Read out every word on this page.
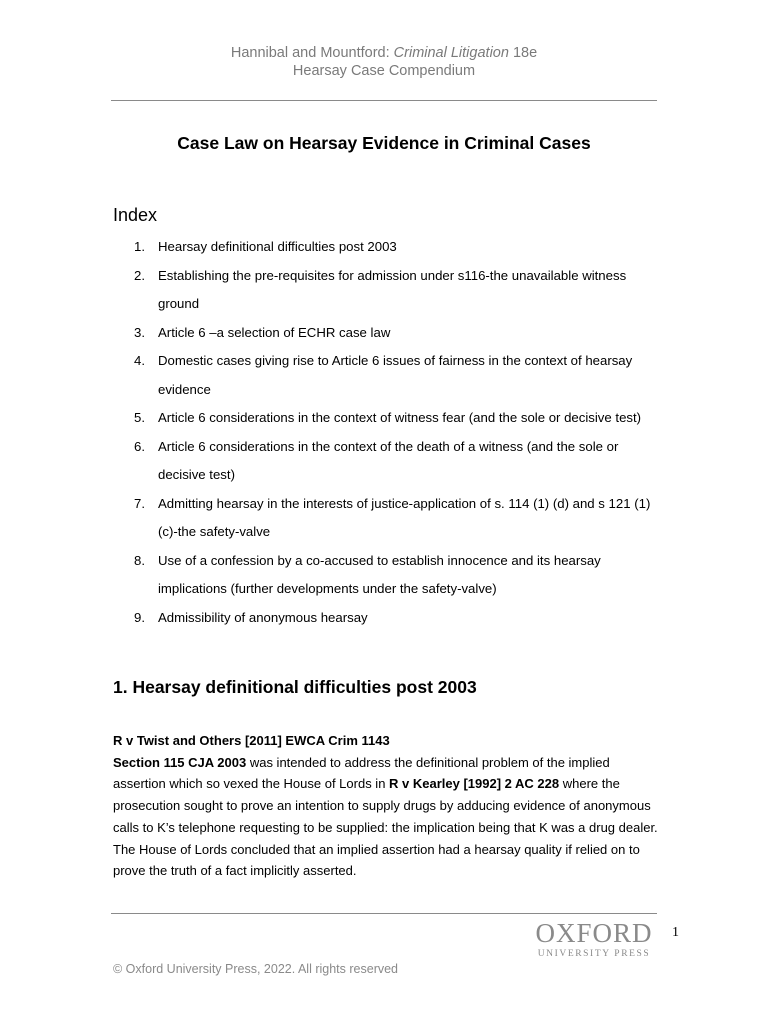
Hannibal and Mountford: Criminal Litigation 18e
Hearsay Case Compendium
Case Law on Hearsay Evidence in Criminal Cases
Index
1. Hearsay definitional difficulties post 2003
2. Establishing the pre-requisites for admission under s116-the unavailable witness ground
3. Article 6 –a selection of ECHR case law
4. Domestic cases giving rise to Article 6 issues of fairness in the context of hearsay evidence
5. Article 6 considerations in the context of witness fear (and the sole or decisive test)
6. Article 6 considerations in the context of the death of a witness (and the sole or decisive test)
7. Admitting hearsay in the interests of justice-application of s. 114 (1) (d) and s 121 (1) (c)-the safety-valve
8. Use of a confession by a co-accused to establish innocence and its hearsay implications (further developments under the safety-valve)
9. Admissibility of anonymous hearsay
1. Hearsay definitional difficulties post 2003
R v Twist and Others [2011] EWCA Crim 1143
Section 115 CJA 2003 was intended to address the definitional problem of the implied assertion which so vexed the House of Lords in R v Kearley [1992] 2 AC 228 where the prosecution sought to prove an intention to supply drugs by adducing evidence of anonymous calls to K’s telephone requesting to be supplied: the implication being that K was a drug dealer. The House of Lords concluded that an implied assertion had a hearsay quality if relied on to prove the truth of a fact implicitly asserted.
OXFORD
UNIVERSITY PRESS
1
© Oxford University Press, 2022. All rights reserved
